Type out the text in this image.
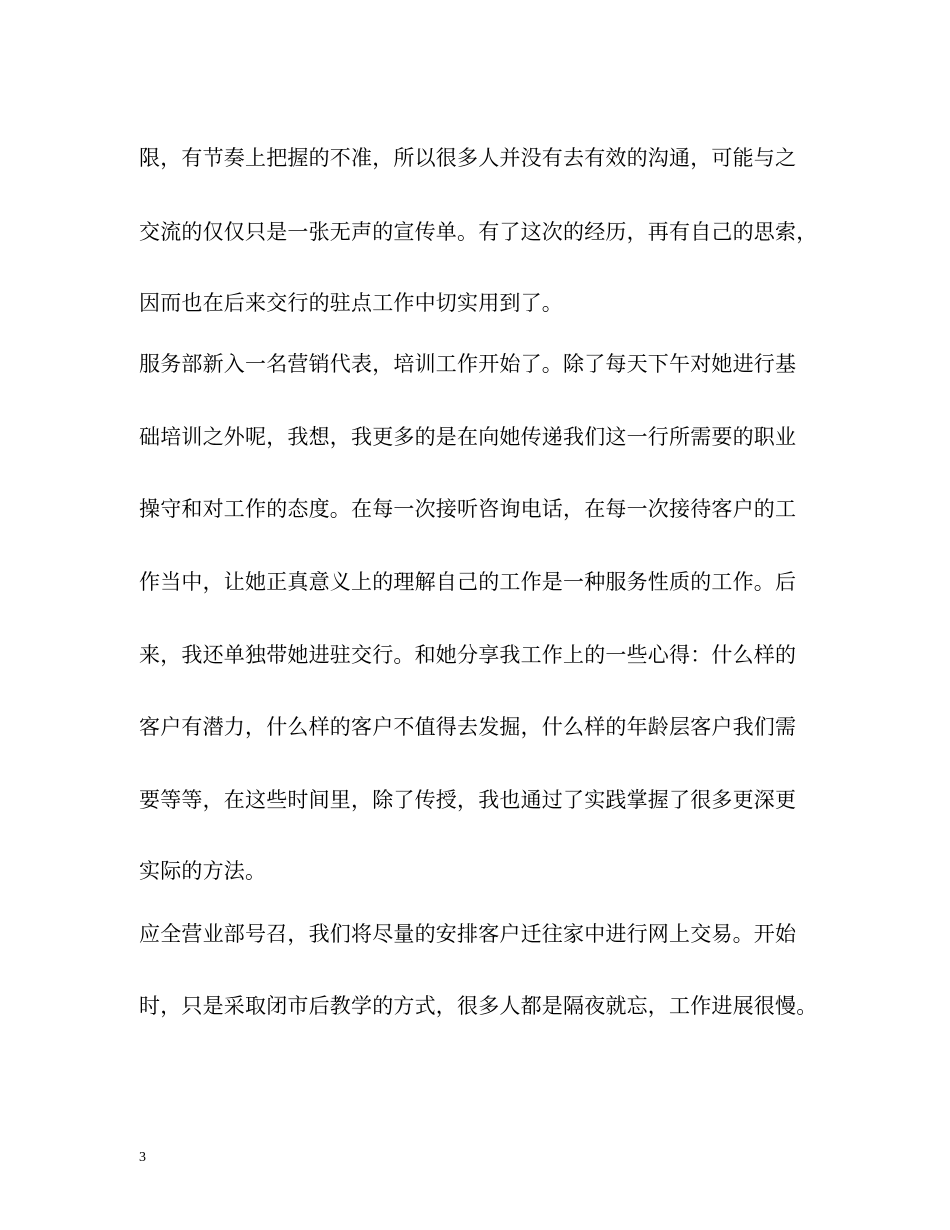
限，有节奏上把握的不准，所以很多人并没有去有效的沟通，可能与之
交流的仅仅只是一张无声的宣传单。有了这次的经历，再有自己的思索，
因而也在后来交行的驻点工作中切实用到了。
服务部新入一名营销代表，培训工作开始了。除了每天下午对她进行基
础培训之外呢，我想，我更多的是在向她传递我们这一行所需要的职业
操守和对工作的态度。在每一次接听咨询电话，在每一次接待客户的工
作当中，让她正真意义上的理解自己的工作是一种服务性质的工作。后
来，我还单独带她进驻交行。和她分享我工作上的一些心得：什么样的
客户有潜力，什么样的客户不值得去发掘，什么样的年龄层客户我们需
要等等，在这些时间里，除了传授，我也通过了实践掌握了很多更深更
实际的方法。
应全营业部号召，我们将尽量的安排客户迁往家中进行网上交易。开始
时，只是采取闭市后教学的方式，很多人都是隔夜就忘，工作进展很慢。
3
